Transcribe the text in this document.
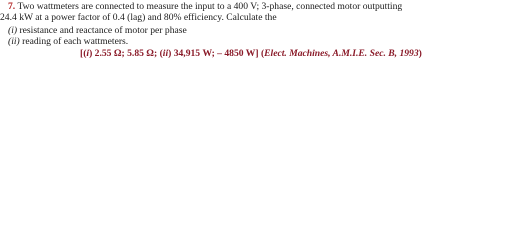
7. Two wattmeters are connected to measure the input to a 400 V; 3-phase, connected motor outputting
24.4 kW at a power factor of 0.4 (lag) and 80% efficiency. Calculate the
(i) resistance and reactance of motor per phase
(ii) reading of each wattmeters.
[(i) 2.55 Ω; 5.85 Ω; (ii) 34,915 W; – 4850 W] (Elect. Machines, A.M.I.E. Sec. B, 1993)
